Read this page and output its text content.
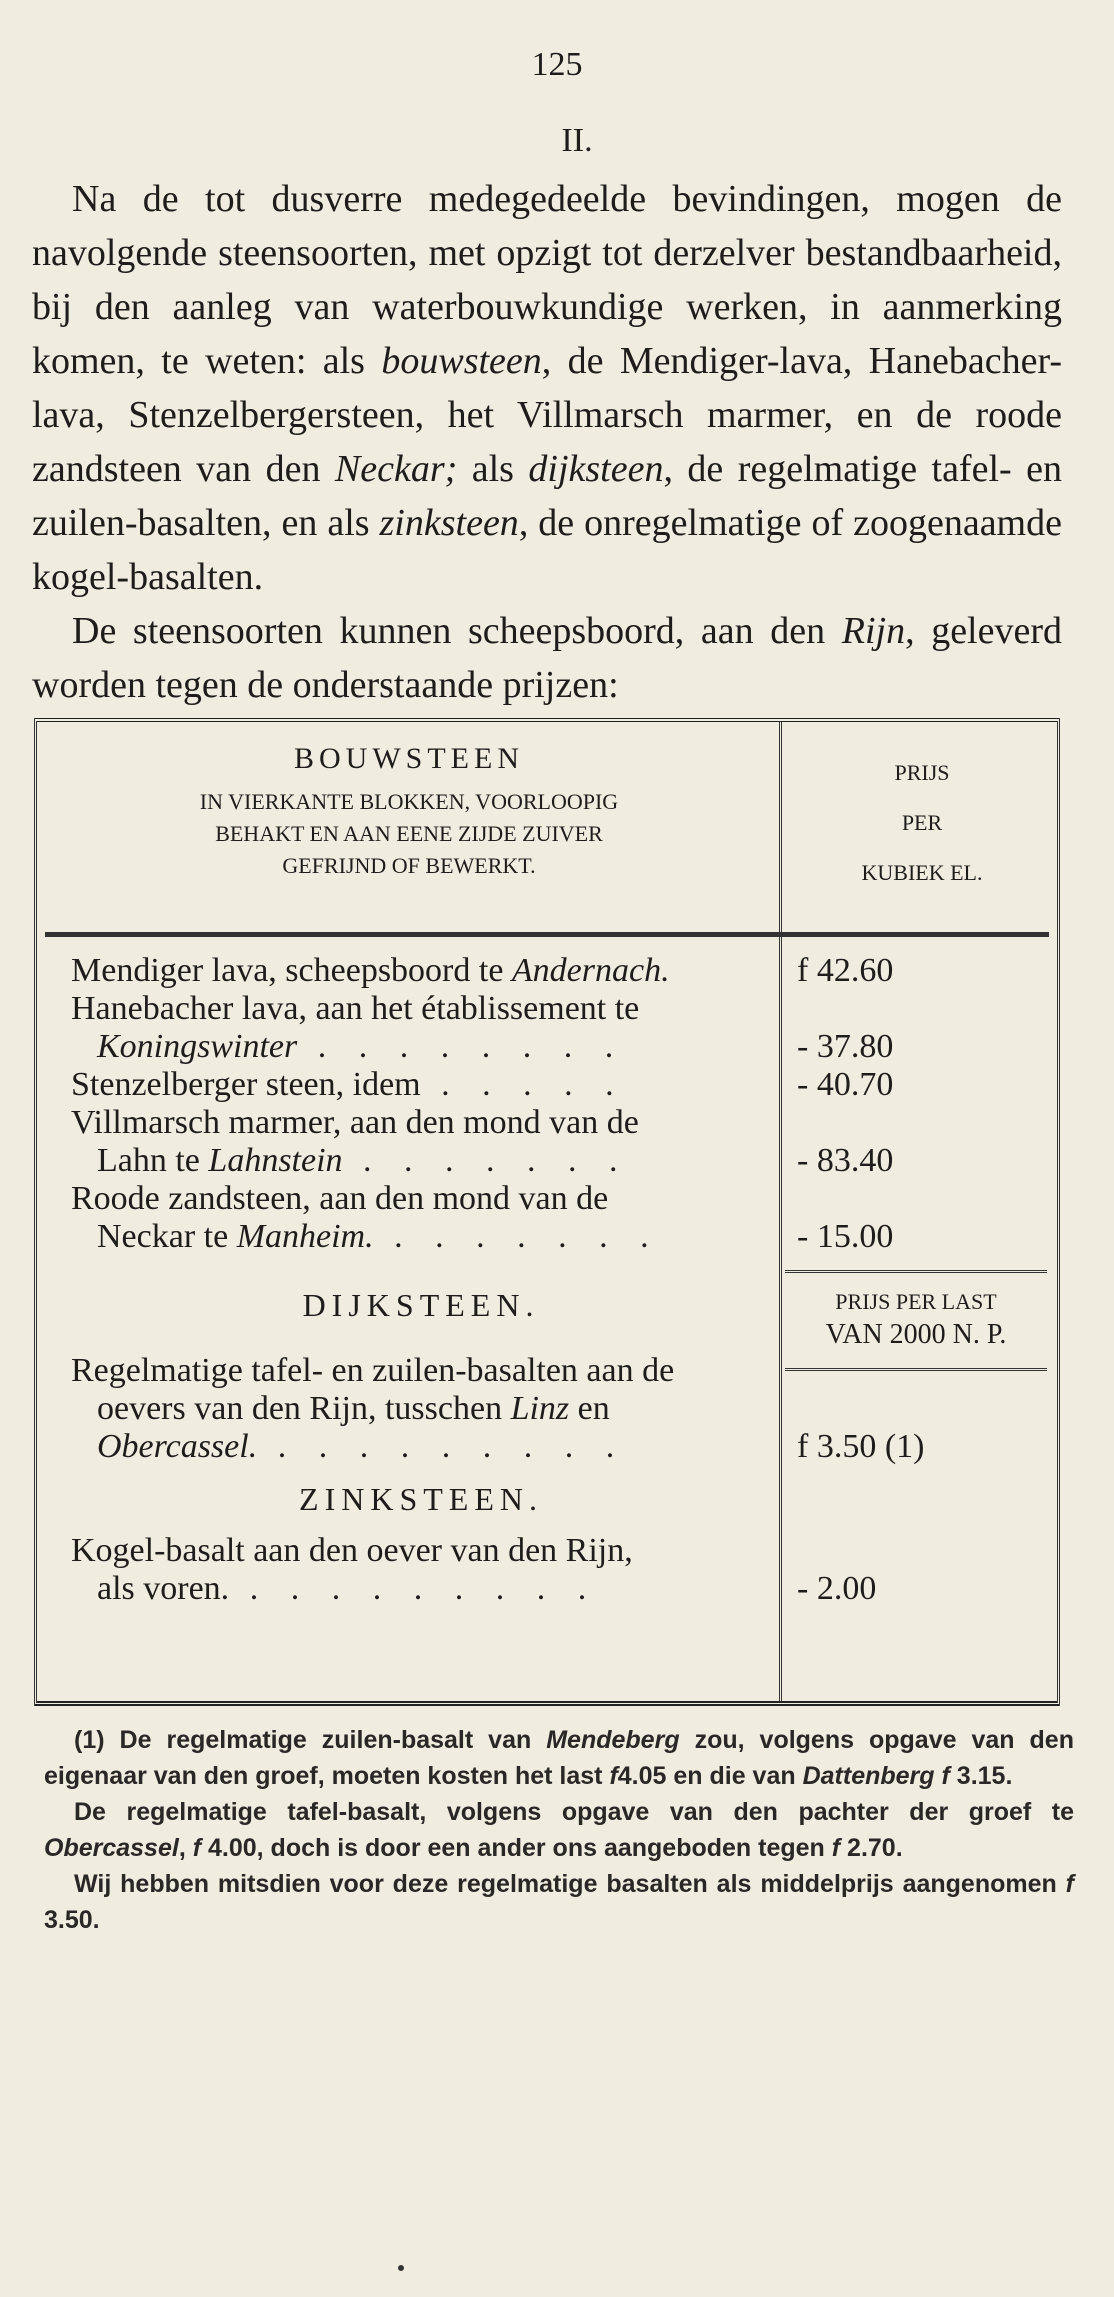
125
II.

Na de tot dusverre medegedeelde bevindingen, mogen de navolgende steensoorten, met opzigt tot derzelver bestandbaarheid, bij den aanleg van waterbouwkundige werken, in aanmerking komen, te weten: als bouwsteen, de Mendiger-lava, Hanebacher-lava, Stenzelbergersteen, het Villmarsch marmer, en de roode zandsteen van den Neckar; als dijksteen, de regelmatige tafel- en zuilen-basalten, en als zinksteen, de onregelmatige of zoogenaamde kogel-basalten.

De steensoorten kunnen scheepsboord, aan den Rijn, geleverd worden tegen de onderstaande prijzen:

BOUWSTEEN
IN VIERKANTE BLOKKEN, VOORLOOPIG
BEHAKT EN AAN EENE ZIJDE ZUIVER
GEFRIJND OF BEWERKT.
PRIJS
PER
KUBIEK EL.
Mendiger lava, scheepsboord te Andernach.
Hanebacher lava, aan het établissement te
Koningswinter . . . . . . . .
Stenzelberger steen, idem . . . . .
Villmarsch marmer, aan den mond van de
Lahn te Lahnstein . . . . . . .
Roode zandsteen, aan den mond van de
Neckar te Manheim. . . . . . . .
DIJKSTEEN.
Regelmatige tafel- en zuilen-basalten aan de
oevers van den Rijn, tusschen Linz en
Obercassel. . . . . . . . . .
ZINKSTEEN.
Kogel-basalt aan den oever van den Rijn,
als voren. . . . . . . . . .
f 42.60
- 37.80
- 40.70
- 83.40
- 15.00
f 3.50 (1)
- 2.00
PRIJS PER LAST
VAN 2000 N. P.

(1) De regelmatige zuilen-basalt van Mendeberg zou, volgens opgave van den eigenaar van den groef, moeten kosten het last f4.05 en die van Dattenberg f 3.15.

De regelmatige tafel-basalt, volgens opgave van den pachter der groef te Obercassel, f 4.00, doch is door een ander ons aangeboden tegen f 2.70.

Wij hebben mitsdien voor deze regelmatige basalten als middelprijs aangenomen f 3.50.
